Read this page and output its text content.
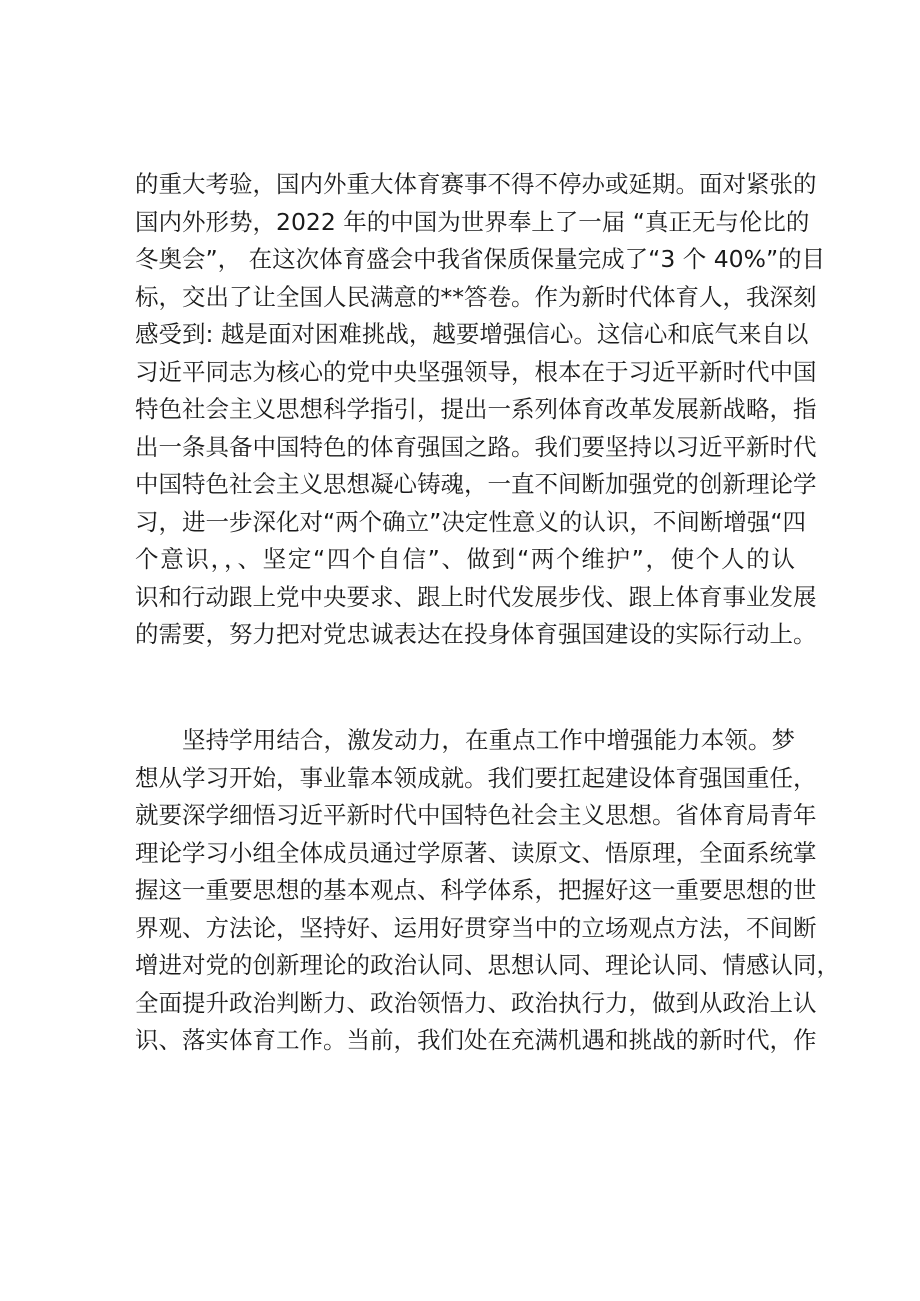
的重大考验，国内外重大体育赛事不得不停办或延期。面对紧张的
国内外形势，2022 年的中国为世界奉上了一届 “真正无与伦比的
冬奥会”， 在这次体育盛会中我省保质保量完成了“3 个 40%”的目
标，交出了让全国人民满意的**答卷。作为新时代体育人，我深刻
感受到: 越是面对困难挑战，越要增强信心。这信心和底气来自以
习近平同志为核心的党中央坚强领导，根本在于习近平新时代中国
特色社会主义思想科学指引，提出一系列体育改革发展新战略，指
出一条具备中国特色的体育强国之路。我们要坚持以习近平新时代
中国特色社会主义思想凝心铸魂，一直不间断加强党的创新理论学
习，进一步深化对“两个确立”决定性意义的认识，不间断增强“四
个意识，，、坚定“四个自信”、做到“两个维护”，使个人的认
识和行动跟上党中央要求、跟上时代发展步伐、跟上体育事业发展
的需要，努力把对党忠诚表达在投身体育强国建设的实际行动上。
坚持学用结合，激发动力，在重点工作中增强能力本领。梦
想从学习开始，事业靠本领成就。我们要扛起建设体育强国重任，
就要深学细悟习近平新时代中国特色社会主义思想。省体育局青年
理论学习小组全体成员通过学原著、读原文、悟原理，全面系统掌
握这一重要思想的基本观点、科学体系，把握好这一重要思想的世
界观、方法论，坚持好、运用好贯穿当中的立场观点方法，不间断
增进对党的创新理论的政治认同、思想认同、理论认同、情感认同，
全面提升政治判断力、政治领悟力、政治执行力，做到从政治上认
识、落实体育工作。当前，我们处在充满机遇和挑战的新时代，作
